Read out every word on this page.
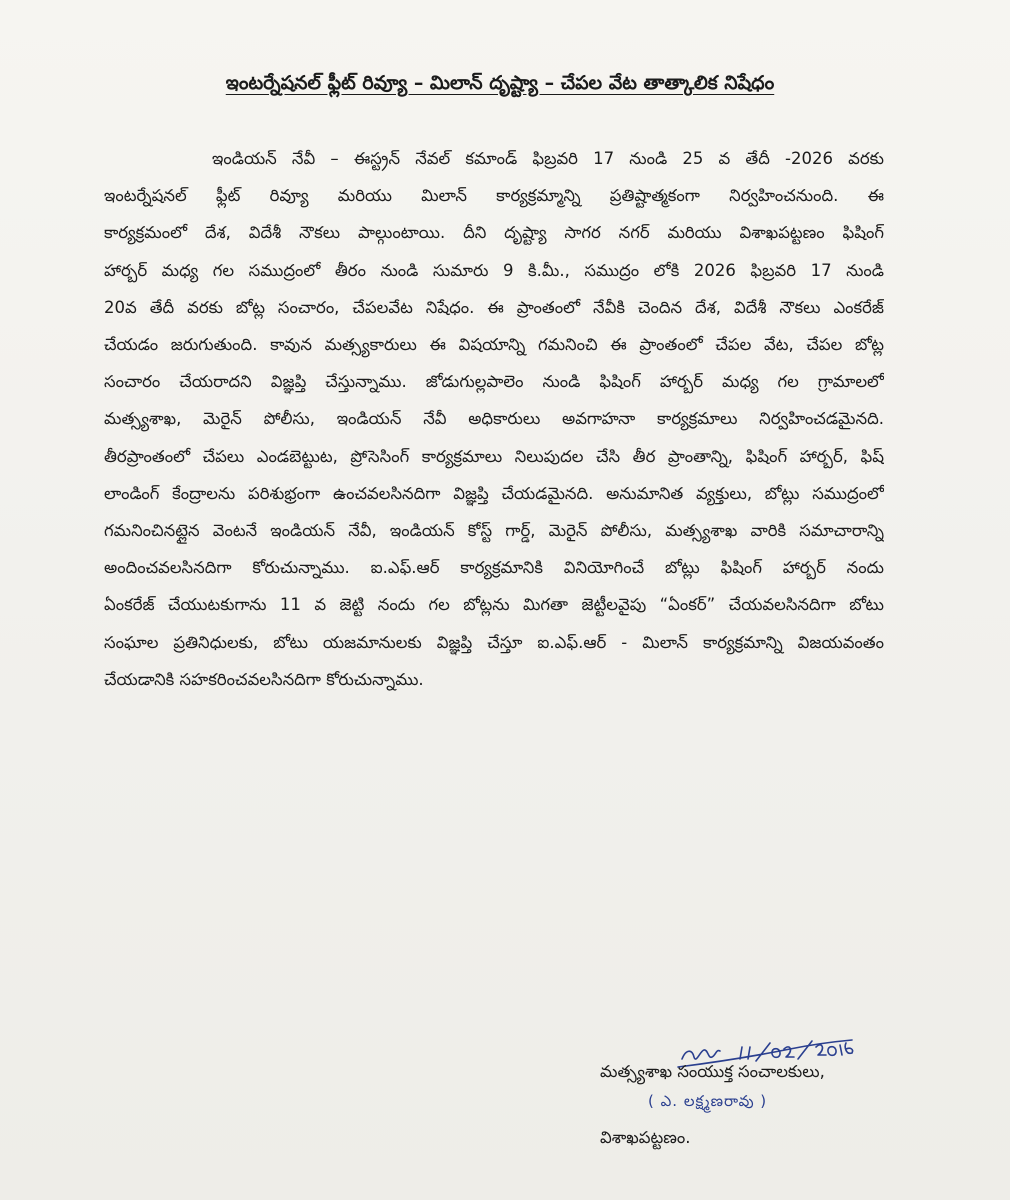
ఇంటర్నేషనల్ ఫ్లీట్ రివ్యూ – మిలాన్ దృష్ట్యా – చేపల వేట తాత్కాలిక నిషేధం
ఇండియన్ నేవీ – ఈస్ట్రన్ నేవల్ కమాండ్ ఫిబ్రవరి 17 నుండి 25 వ తేదీ -2026 వరకు
ఇంటర్నేషనల్ ఫ్లీట్ రివ్యూ మరియు మిలాన్ కార్యక్రమ్మాన్ని ప్రతిష్టాత్మకంగా నిర్వహించనుంది. ఈ
కార్యక్రమంలో దేశ, విదేశీ నౌకలు పాల్గుంటాయి. దీని దృష్ట్యా సాగర నగర్ మరియు విశాఖపట్టణం ఫిషింగ్
హార్బర్ మధ్య గల సముద్రంలో తీరం నుండి సుమారు 9 కి.మీ., సముద్రం లోకి 2026 ఫిబ్రవరి 17 నుండి
20వ తేదీ వరకు బోట్ల సంచారం, చేపలవేట నిషేధం. ఈ ప్రాంతంలో నేవీకి చెందిన దేశ, విదేశీ నౌకలు ఎంకరేజ్
చేయడం జరుగుతుంది. కావున మత్స్యకారులు ఈ విషయాన్ని గమనించి ఈ ప్రాంతంలో చేపల వేట, చేపల బోట్ల
సంచారం చేయరాదని విజ్ఞప్తి చేస్తున్నాము. జోడుగుల్లపాలెం నుండి ఫిషింగ్ హార్బర్ మధ్య గల గ్రామాలలో
మత్స్యశాఖ, మెరైన్ పోలీసు, ఇండియన్ నేవీ అధికారులు అవగాహనా కార్యక్రమాలు నిర్వహించడమైనది.
తీరప్రాంతంలో చేపలు ఎండబెట్టుట, ప్రోసెసింగ్ కార్యక్రమాలు నిలుపుదల చేసి తీర ప్రాంతాన్ని, ఫిషింగ్ హార్బర్, ఫిష్
లాండింగ్ కేంద్రాలను పరిశుభ్రంగా ఉంచవలసినదిగా విజ్ఞప్తి చేయడమైనది. అనుమానిత వ్యక్తులు, బోట్లు సముద్రంలో
గమనించినట్లైన వెంటనే ఇండియన్ నేవీ, ఇండియన్ కోస్ట్ గార్డ్, మెరైన్ పోలీసు, మత్స్యశాఖ వారికి సమాచారాన్ని
అందించవలసినదిగా కోరుచున్నాము. ఐ.ఎఫ్.ఆర్ కార్యక్రమానికి వినియోగించే బోట్లు ఫిషింగ్ హార్బర్ నందు
ఏంకరేజ్ చేయుటకుగాను 11 వ జెట్టి నందు గల బోట్లను మిగతా జెట్టీలవైపు “ఏంకర్” చేయవలసినదిగా బోటు
సంఘాల ప్రతినిధులకు, బోటు యజమానులకు విజ్ఞప్తి చేస్తూ ఐ.ఎఫ్.ఆర్ - మిలాన్ కార్యక్రమాన్ని విజయవంతం
చేయడానికి సహకరించవలసినదిగా కోరుచున్నాము.
మత్స్యశాఖ సంయుక్త సంచాలకులు,
( ఎ. లక్ష్మణరావు )
విశాఖపట్టణం.
